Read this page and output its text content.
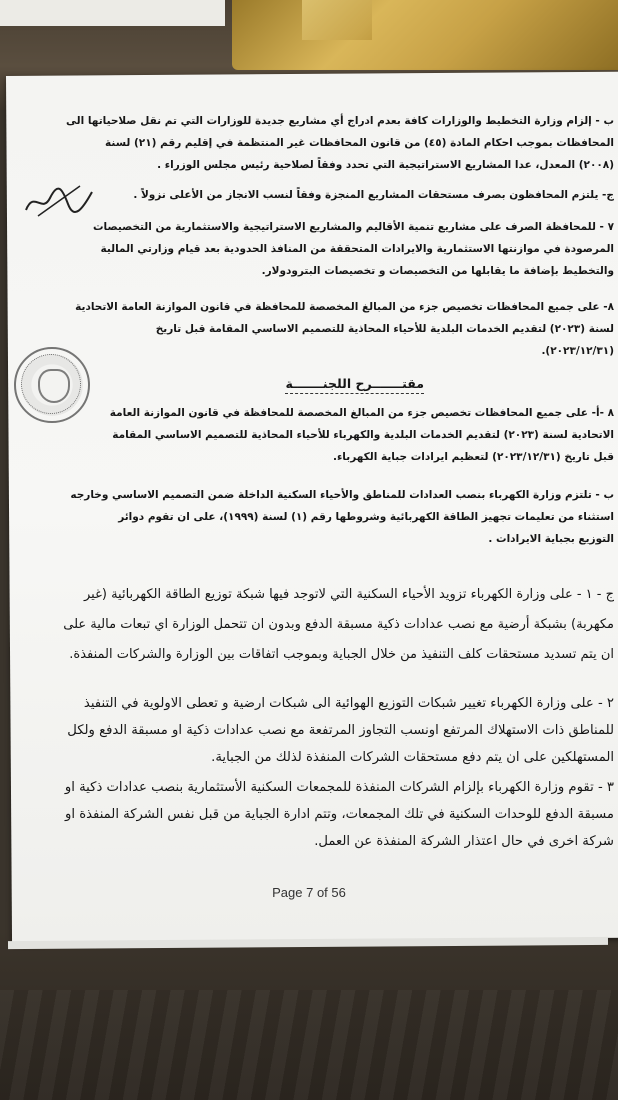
ب - إلزام وزارة التخطيط والوزارات كافة بعدم ادراج أي مشاريع جديدة للوزارات التي تم نقل صلاحياتها الى
المحافظات بموجب احكام المادة (٤٥) من قانون المحافظات غير المنتظمة في إقليم رقم (٢١) لسنة
(٢٠٠٨) المعدل، عدا المشاريع الاستراتيجية التي تحدد وفقاً لصلاحية رئيس مجلس الوزراء .
ج- يلتزم المحافظون بصرف مستحقات المشاريع المنجزة وفقاً لنسب الانجاز من الأعلى نزولاً .
٧ - للمحافظة الصرف على مشاريع تنمية الأقاليم والمشاريع الاستراتيجية والاستثمارية من التخصيصات
المرصودة في موازنتها الاستثمارية والايرادات المتحققة من المنافذ الحدودية بعد قيام وزارتي المالية
والتخطيط بإضافة ما يقابلها من التخصيصات و تخصيصات البترودولار.
٨- على جميع المحافظات تخصيص جزء من المبالغ المخصصة للمحافظة في قانون الموازنة العامة الاتحادية
لسنة (٢٠٢٣) لتقديم الخدمات البلدية للأحياء المحاذية للتصميم الاساسي المقامة قبل تاريخ
(٢٠٢٣/١٢/٣١).
مقتـــــــرح اللجنـــــــة
٨ -أ- على جميع المحافظات تخصيص جزء من المبالغ المخصصة للمحافظة في قانون الموازنة العامة
الاتحادية لسنة (٢٠٢٣) لتقديم الخدمات البلدية والكهرباء للأحياء المحاذية للتصميم الاساسي المقامة
قبل تاريخ (٢٠٢٣/١٢/٣١) لتعظيم ايرادات جباية الكهرباء.
ب - تلتزم وزارة الكهرباء بنصب العدادات للمناطق والأحياء السكنية الداخلة ضمن التصميم الاساسي وخارجه
استثناء من تعليمات تجهيز الطاقة الكهربائية وشروطها رقم (١) لسنة (١٩٩٩)، على ان تقوم دوائر
التوزيع بجباية الايرادات .
ج - ١ - على وزارة الكهرباء تزويد الأحياء السكنية التي لاتوجد فيها شبكة توزيع الطاقة الكهربائية (غير
مكهربة) بشبكة أرضية مع نصب عدادات ذكية مسبقة الدفع وبدون ان تتحمل الوزارة اي تبعات مالية على
ان يتم تسديد مستحقات كلف التنفيذ من خلال الجباية وبموجب اتفاقات بين الوزارة والشركات المنفذة.
٢ - على وزارة الكهرباء تغيير شبكات التوزيع الهوائية الى شبكات ارضية و تعطى الاولوية في التنفيذ
للمناطق ذات الاستهلاك المرتفع اونسب التجاوز المرتفعة مع نصب عدادات ذكية او مسبقة الدفع ولكل
المستهلكين على ان يتم دفع مستحقات الشركات المنفذة لذلك من الجباية.
٣ - تقوم وزارة الكهرباء بإلزام الشركات المنفذة للمجمعات السكنية الأستثمارية بنصب عدادات ذكية او
مسبقة الدفع للوحدات السكنية في تلك المجمعات، وتتم ادارة الجباية من قبل نفس الشركة المنفذة او
شركة اخرى في حال اعتذار الشركة المنفذة عن العمل.
Page 7 of 56
